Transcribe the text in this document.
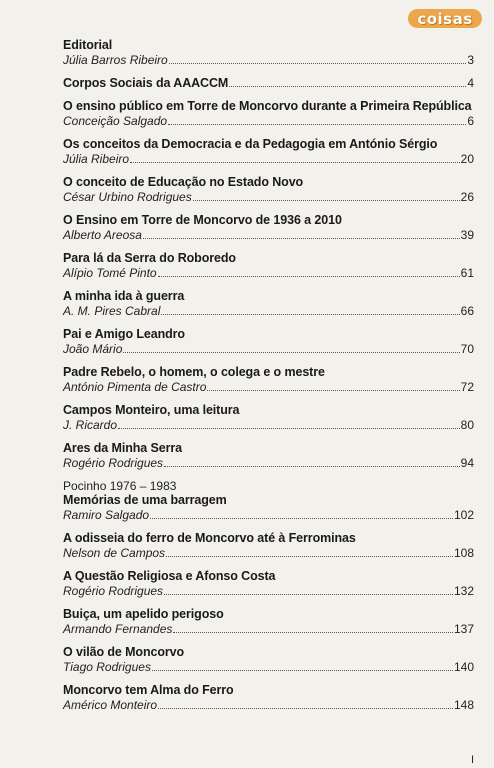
coisas
Editorial
Júlia Barros Ribeiro	3
Corpos Sociais da AAACCM	4
O ensino público em Torre de Moncorvo durante a Primeira República
Conceição Salgado	6
Os conceitos da Democracia e da Pedagogia em António Sérgio
Júlia Ribeiro	20
O conceito de Educação no Estado Novo
César Urbino Rodrigues	26
O Ensino em Torre de Moncorvo de 1936 a 2010
Alberto Areosa	39
Para lá da Serra do Roboredo
Alípio Tomé Pinto	61
A minha ida à guerra
A. M. Pires Cabral	66
Pai e Amigo Leandro
João Mário	70
Padre Rebelo, o homem, o colega e o mestre
António Pimenta de Castro	72
Campos Monteiro, uma leitura
J. Ricardo	80
Ares da Minha Serra
Rogério Rodrigues	94
Pocinho 1976 – 1983
Memórias de uma barragem
Ramiro Salgado	102
A odisseia do ferro de Moncorvo até à Ferrominas
Nelson de Campos	108
A Questão Religiosa e Afonso Costa
Rogério Rodrigues	132
Buiça, um apelido perigoso
Armando Fernandes	137
O vilão de Moncorvo
Tiago Rodrigues	140
Moncorvo tem Alma do Ferro
Américo Monteiro	148
I
